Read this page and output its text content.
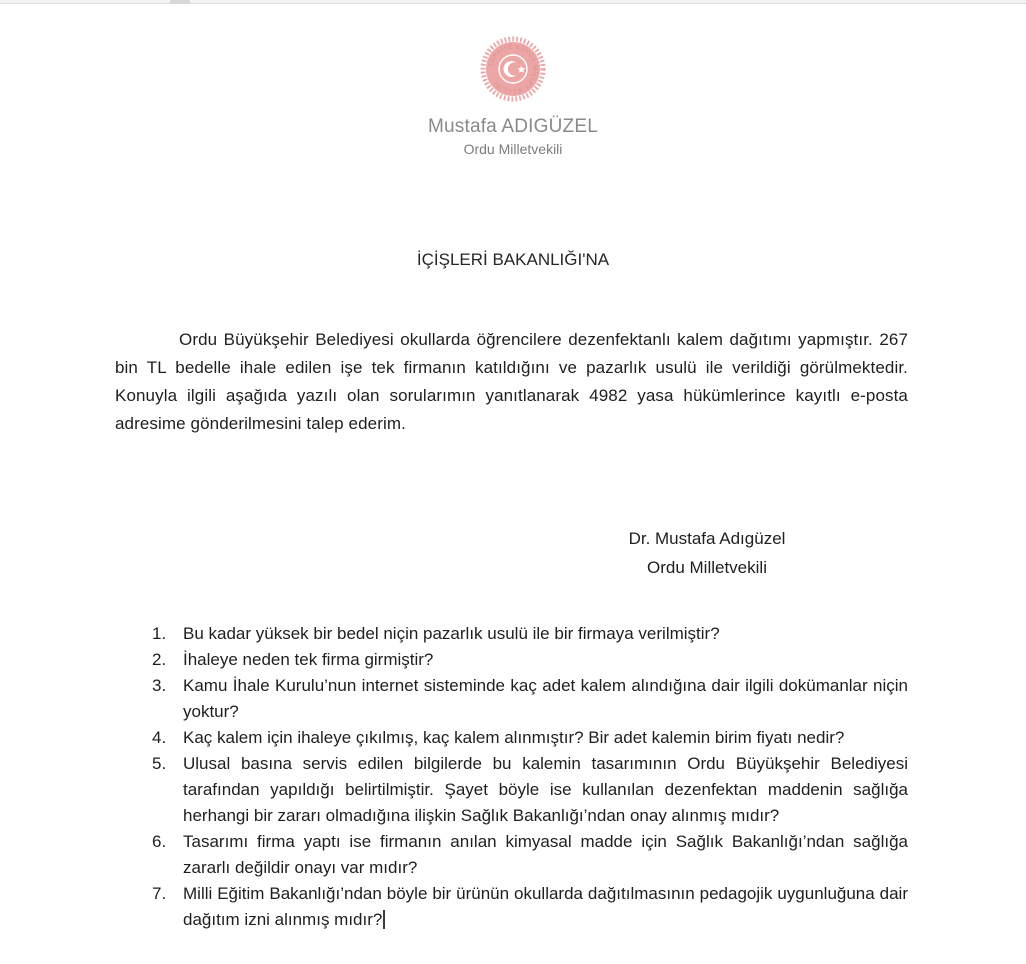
TÜRKİYE BÜYÜK MİLLET MECLİSİ
Mustafa ADIGÜZEL
Ordu Milletvekili
İÇİŞLERİ BAKANLIĞI'NA
Ordu Büyükşehir Belediyesi okullarda öğrencilere dezenfektanlı kalem dağıtımı yapmıştır. 267 bin TL bedelle ihale edilen işe tek firmanın katıldığını ve pazarlık usulü ile verildiği görülmektedir. Konuyla ilgili aşağıda yazılı olan sorularımın yanıtlanarak 4982 yasa hükümlerince kayıtlı e-posta adresime gönderilmesini talep ederim.
Dr. Mustafa Adıgüzel
Ordu Milletvekili
1. Bu kadar yüksek bir bedel niçin pazarlık usulü ile bir firmaya verilmiştir?
2. İhaleye neden tek firma girmiştir?
3. Kamu İhale Kurulu’nun internet sisteminde kaç adet kalem alındığına dair ilgili dokümanlar niçin yoktur?
4. Kaç kalem için ihaleye çıkılmış, kaç kalem alınmıştır? Bir adet kalemin birim fiyatı nedir?
5. Ulusal basına servis edilen bilgilerde bu kalemin tasarımının Ordu Büyükşehir Belediyesi tarafından yapıldığı belirtilmiştir. Şayet böyle ise kullanılan dezenfektan maddenin sağlığa herhangi bir zararı olmadığına ilişkin Sağlık Bakanlığı’ndan onay alınmış mıdır?
6. Tasarımı firma yaptı ise firmanın anılan kimyasal madde için Sağlık Bakanlığı’ndan sağlığa zararlı değildir onayı var mıdır?
7. Milli Eğitim Bakanlığı’ndan böyle bir ürünün okullarda dağıtılmasının pedagojik uygunluğuna dair dağıtım izni alınmış mıdır?
